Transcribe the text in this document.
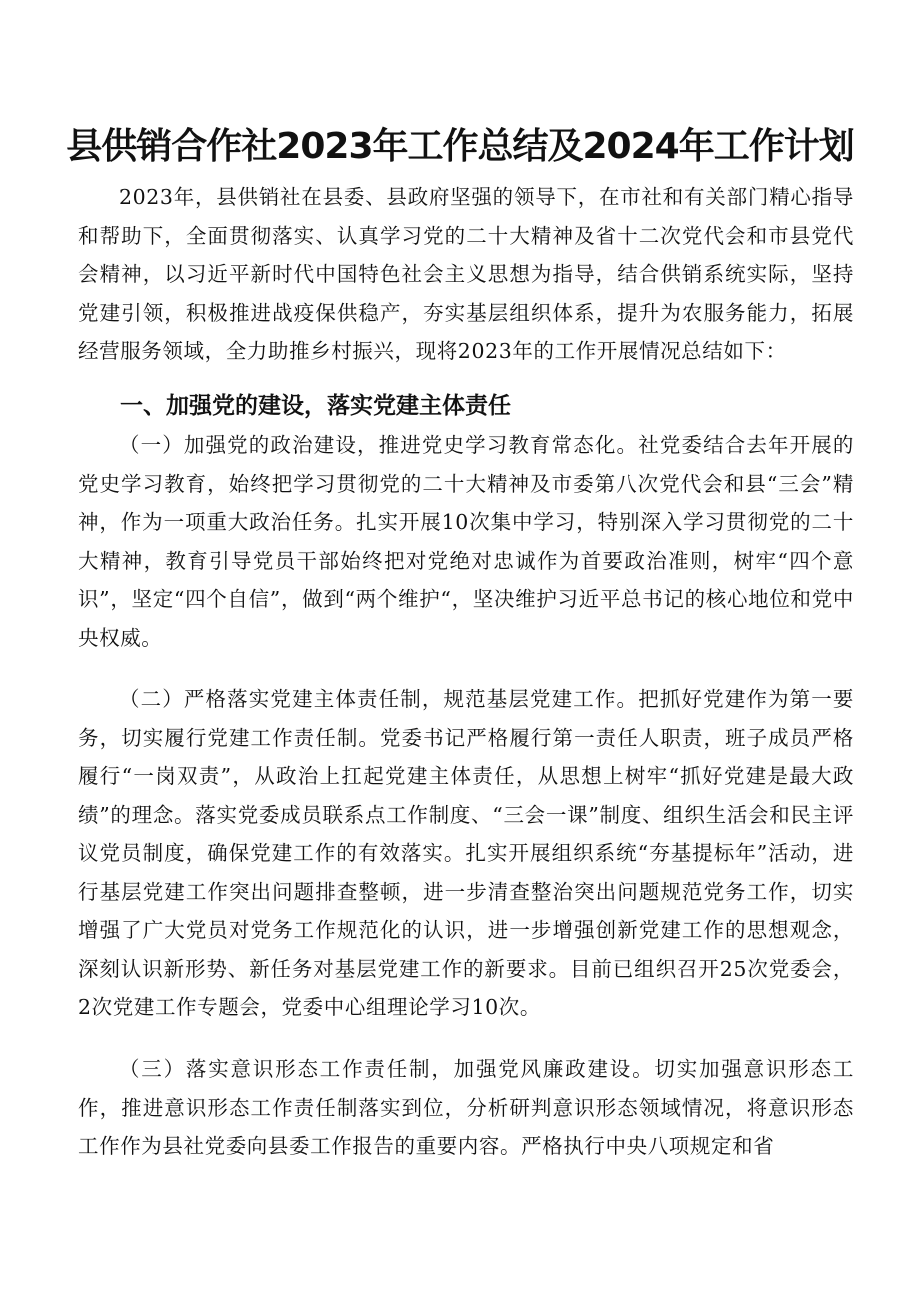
县供销合作社2023年工作总结及2024年工作计划

2023年，县供销社在县委、县政府坚强的领导下，在市社和有关部门精心指导和帮助下，全面贯彻落实、认真学习党的二十大精神及省十二次党代会和市县党代会精神，以习近平新时代中国特色社会主义思想为指导，结合供销系统实际，坚持党建引领，积极推进战疫保供稳产，夯实基层组织体系，提升为农服务能力，拓展经营服务领域，全力助推乡村振兴，现将2023年的工作开展情况总结如下：

一、加强党的建设，落实党建主体责任

（一）加强党的政治建设，推进党史学习教育常态化。社党委结合去年开展的党史学习教育，始终把学习贯彻党的二十大精神及市委第八次党代会和县“三会”精神，作为一项重大政治任务。扎实开展10次集中学习，特别深入学习贯彻党的二十大精神，教育引导党员干部始终把对党绝对忠诚作为首要政治准则，树牢“四个意识”，坚定“四个自信”，做到“两个维护“，坚决维护习近平总书记的核心地位和党中央权威。

（二）严格落实党建主体责任制，规范基层党建工作。把抓好党建作为第一要务，切实履行党建工作责任制。党委书记严格履行第一责任人职责，班子成员严格履行“一岗双责”，从政治上扛起党建主体责任，从思想上树牢“抓好党建是最大政绩”的理念。落实党委成员联系点工作制度、“三会一课”制度、组织生活会和民主评议党员制度，确保党建工作的有效落实。扎实开展组织系统“夯基提标年”活动，进行基层党建工作突出问题排查整顿，进一步清查整治突出问题规范党务工作，切实增强了广大党员对党务工作规范化的认识，进一步增强创新党建工作的思想观念，深刻认识新形势、新任务对基层党建工作的新要求。目前已组织召开25次党委会，2次党建工作专题会，党委中心组理论学习10次。

（三）落实意识形态工作责任制，加强党风廉政建设。切实加强意识形态工作，推进意识形态工作责任制落实到位，分析研判意识形态领域情况，将意识形态工作作为县社党委向县委工作报告的重要内容。严格执行中央八项规定和省
